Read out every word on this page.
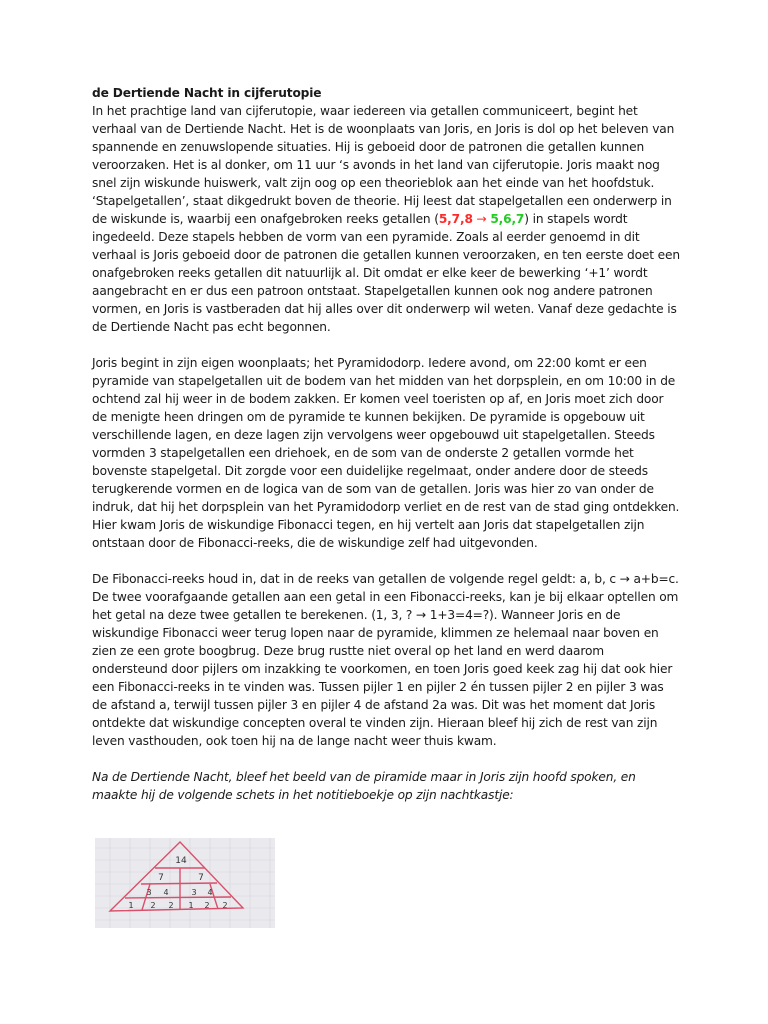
de Dertiende Nacht in cijferutopie

In het prachtige land van cijferutopie, waar iedereen via getallen communiceert, begint het verhaal van de Dertiende Nacht. Het is de woonplaats van Joris, en Joris is dol op het beleven van spannende en zenuwslopende situaties. Hij is geboeid door de patronen die getallen kunnen veroorzaken. Het is al donker, om 11 uur ‘s avonds in het land van cijferutopie. Joris maakt nog snel zijn wiskunde huiswerk, valt zijn oog op een theorieblok aan het einde van het hoofdstuk. ‘Stapelgetallen’, staat dikgedrukt boven de theorie. Hij leest dat stapelgetallen een onderwerp in de wiskunde is, waarbij een onafgebroken reeks getallen (5,7,8 → 5,6,7) in stapels wordt ingedeeld. Deze stapels hebben de vorm van een pyramide. Zoals al eerder genoemd in dit verhaal is Joris geboeid door de patronen die getallen kunnen veroorzaken, en ten eerste doet een onafgebroken reeks getallen dit natuurlijk al. Dit omdat er elke keer de bewerking ‘+1’ wordt aangebracht en er dus een patroon ontstaat. Stapelgetallen kunnen ook nog andere patronen vormen, en Joris is vastberaden dat hij alles over dit onderwerp wil weten. Vanaf deze gedachte is de Dertiende Nacht pas echt begonnen.

Joris begint in zijn eigen woonplaats; het Pyramidodorp. Iedere avond, om 22:00 komt er een pyramide van stapelgetallen uit de bodem van het midden van het dorpsplein, en om 10:00 in de ochtend zal hij weer in de bodem zakken. Er komen veel toeristen op af, en Joris moet zich door de menigte heen dringen om de pyramide te kunnen bekijken. De pyramide is opgebouw uit verschillende lagen, en deze lagen zijn vervolgens weer opgebouwd uit stapelgetallen. Steeds vormden 3 stapelgetallen een driehoek, en de som van de onderste 2 getallen vormde het bovenste stapelgetal. Dit zorgde voor een duidelijke regelmaat, onder andere door de steeds terugkerende vormen en de logica van de som van de getallen. Joris was hier zo van onder de indruk, dat hij het dorpsplein van het Pyramidodorp verliet en de rest van de stad ging ontdekken. Hier kwam Joris de wiskundige Fibonacci tegen, en hij vertelt aan Joris dat stapelgetallen zijn ontstaan door de Fibonacci-reeks, die de wiskundige zelf had uitgevonden.

De Fibonacci-reeks houd in, dat in de reeks van getallen de volgende regel geldt: a, b, c → a+b=c. De twee voorafgaande getallen aan een getal in een Fibonacci-reeks, kan je bij elkaar optellen om het getal na deze twee getallen te berekenen. (1, 3, ? → 1+3=4=?). Wanneer Joris en de wiskundige Fibonacci weer terug lopen naar de pyramide, klimmen ze helemaal naar boven en zien ze een grote boogbrug. Deze brug rustte niet overal op het land en werd daarom ondersteund door pijlers om inzakking te voorkomen, en toen Joris goed keek zag hij dat ook hier een Fibonacci-reeks in te vinden was. Tussen pijler 1 en pijler 2 én tussen pijler 2 en pijler 3 was de afstand a, terwijl tussen pijler 3 en pijler 4 de afstand 2a was. Dit was het moment dat Joris ontdekte dat wiskundige concepten overal te vinden zijn. Hieraan bleef hij zich de rest van zijn leven vasthouden, ook toen hij na de lange nacht weer thuis kwam.

Na de Dertiende Nacht, bleef het beeld van de piramide maar in Joris zijn hoofd spoken, en maakte hij de volgende schets in het notitieboekje op zijn nachtkastje:

14
7	7
3 4	3 4
1 2 2 1 2 2
